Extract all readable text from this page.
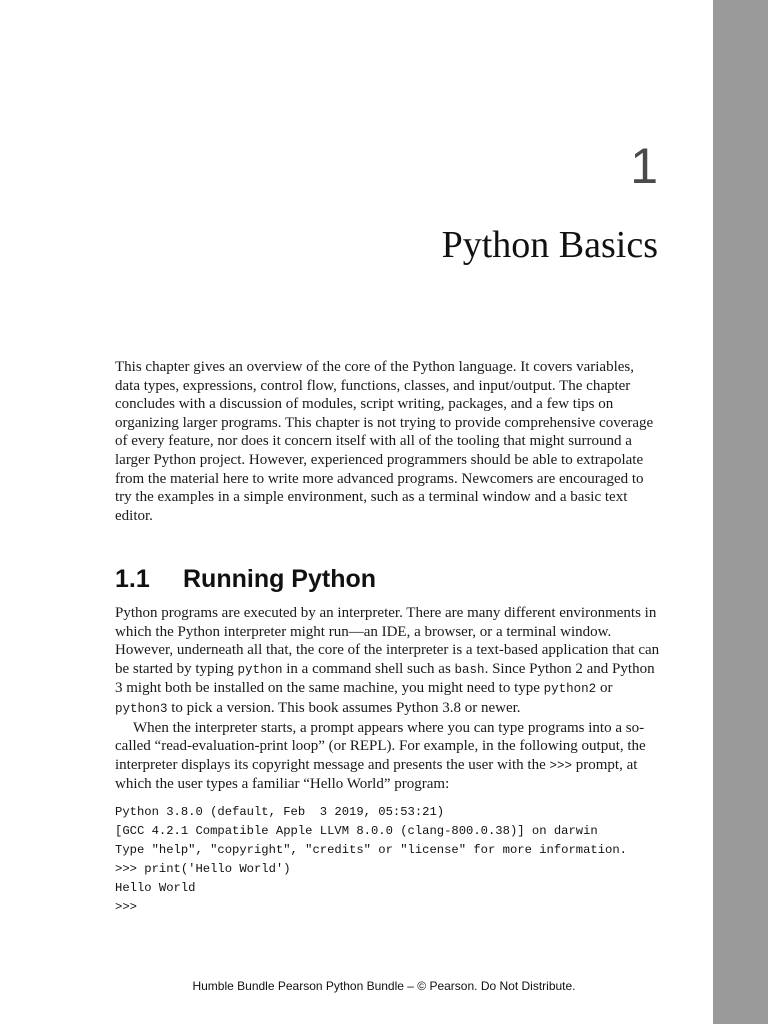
1
Python Basics

This chapter gives an overview of the core of the Python language. It covers variables, data types, expressions, control flow, functions, classes, and input/output. The chapter concludes with a discussion of modules, script writing, packages, and a few tips on organizing larger programs. This chapter is not trying to provide comprehensive coverage of every feature, nor does it concern itself with all of the tooling that might surround a larger Python project. However, experienced programmers should be able to extrapolate from the material here to write more advanced programs. Newcomers are encouraged to try the examples in a simple environment, such as a terminal window and a basic text editor.

1.1 Running Python

Python programs are executed by an interpreter. There are many different environments in which the Python interpreter might run—an IDE, a browser, or a terminal window. However, underneath all that, the core of the interpreter is a text-based application that can be started by typing python in a command shell such as bash. Since Python 2 and Python 3 might both be installed on the same machine, you might need to type python2 or python3 to pick a version. This book assumes Python 3.8 or newer.

When the interpreter starts, a prompt appears where you can type programs into a so-called “read-evaluation-print loop” (or REPL). For example, in the following output, the interpreter displays its copyright message and presents the user with the >>> prompt, at which the user types a familiar “Hello World” program:

Python 3.8.0 (default, Feb  3 2019, 05:53:21)
[GCC 4.2.1 Compatible Apple LLVM 8.0.0 (clang-800.0.38)] on darwin
Type "help", "copyright", "credits" or "license" for more information.
>>> print('Hello World')
Hello World
>>>
Humble Bundle Pearson Python Bundle – © Pearson. Do Not Distribute.
